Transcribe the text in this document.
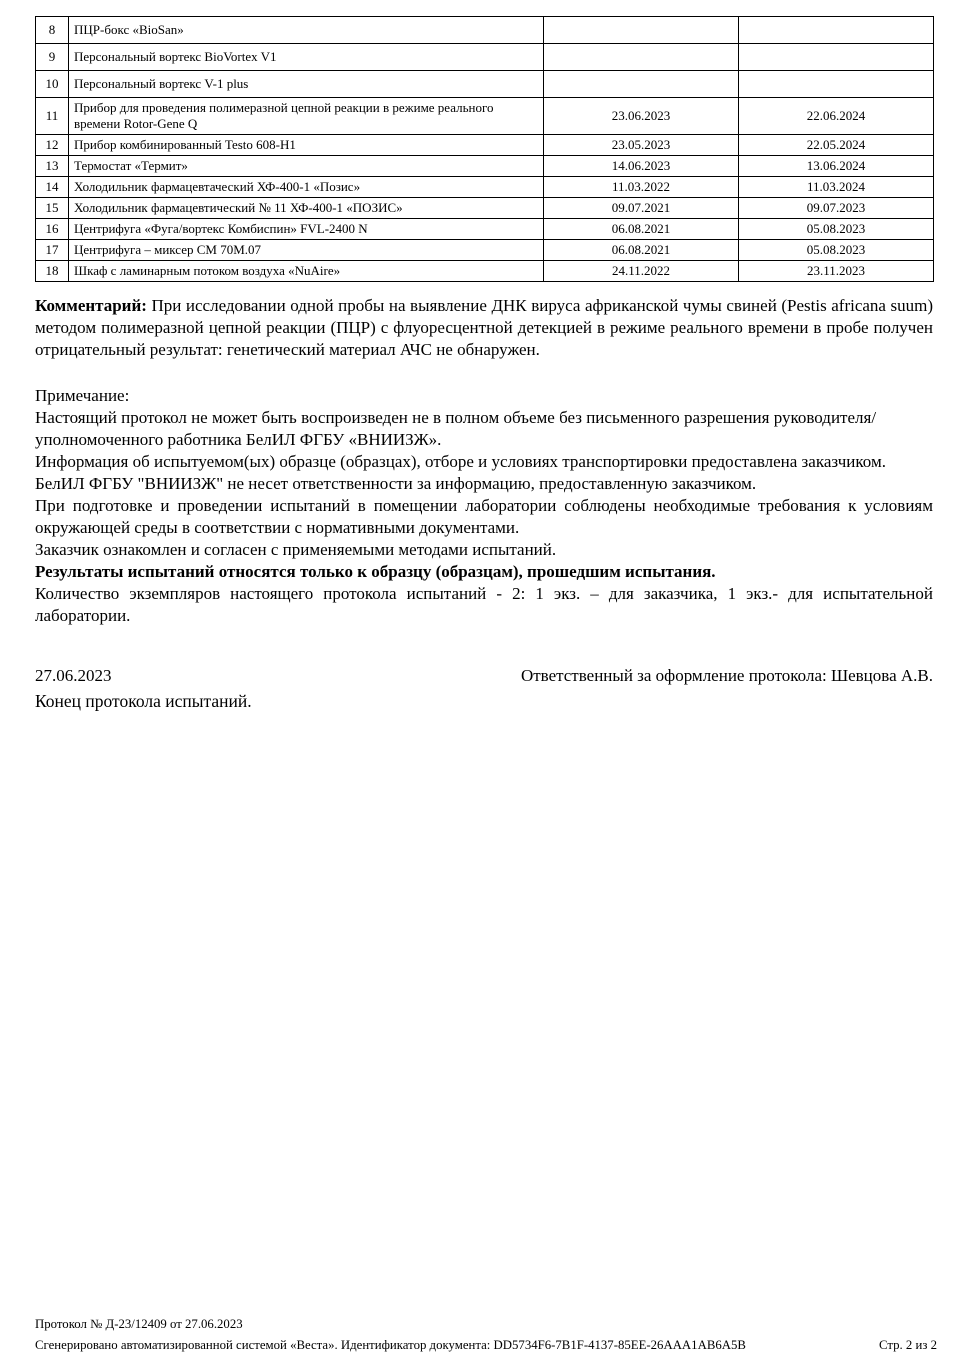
8	ПЦР-бокс «BioSan»		
9	Персональный вортекс BioVortex V1		
10	Персональный вортекс V-1 plus		
11	Прибор для проведения полимеразной цепной реакции в режиме реального времени Rotor-Gene Q	23.06.2023	22.06.2024
12	Прибор комбинированный Testo 608-H1	23.05.2023	22.05.2024
13	Термостат «Термит»	14.06.2023	13.06.2024
14	Холодильник фармацевтаческий ХФ-400-1 «Позис»	11.03.2022	11.03.2024
15	Холодильник фармацевтический № 11 ХФ-400-1 «ПОЗИС»	09.07.2021	09.07.2023
16	Центрифуга «Фуга/вортекс Комбиспин» FVL-2400 N	06.08.2021	05.08.2023
17	Центрифуга – миксер СМ 70М.07	06.08.2021	05.08.2023
18	Шкаф с ламинарным потоком воздуха «NuAire»	24.11.2022	23.11.2023

Комментарий: При исследовании одной пробы на выявление ДНК вируса африканской чумы свиней (Pestis africana suum) методом полимеразной цепной реакции (ПЦР) с флуоресцентной детекцией в режиме реального времени в пробе получен отрицательный результат: генетический материал АЧС не обнаружен.

Примечание:

Настоящий протокол не может быть воспроизведен не в полном объеме без письменного разрешения руководителя/уполномоченного работника БелИЛ ФГБУ «ВНИИЗЖ».

Информация об испытуемом(ых) образце (образцах), отборе и условиях транспортировки предоставлена заказчиком. БелИЛ ФГБУ "ВНИИЗЖ" не несет ответственности за информацию, предоставленную заказчиком.

При подготовке и проведении испытаний в помещении лаборатории соблюдены необходимые требования к условиям окружающей среды в соответствии с нормативными документами.

Заказчик ознакомлен и согласен с применяемыми методами испытаний.

Результаты испытаний относятся только к образцу (образцам), прошедшим испытания.

Количество экземпляров настоящего протокола испытаний - 2: 1 экз. – для заказчика, 1 экз.- для испытательной лаборатории.

27.06.2023	Ответственный за оформление протокола: Шевцова А.В.

Конец протокола испытаний.

Протокол № Д-23/12409 от 27.06.2023
Сгенерировано автоматизированной системой «Веста». Идентификатор документа: DD5734F6-7B1F-4137-85EE-26AAA1AB6A5B	Стр. 2 из 2
